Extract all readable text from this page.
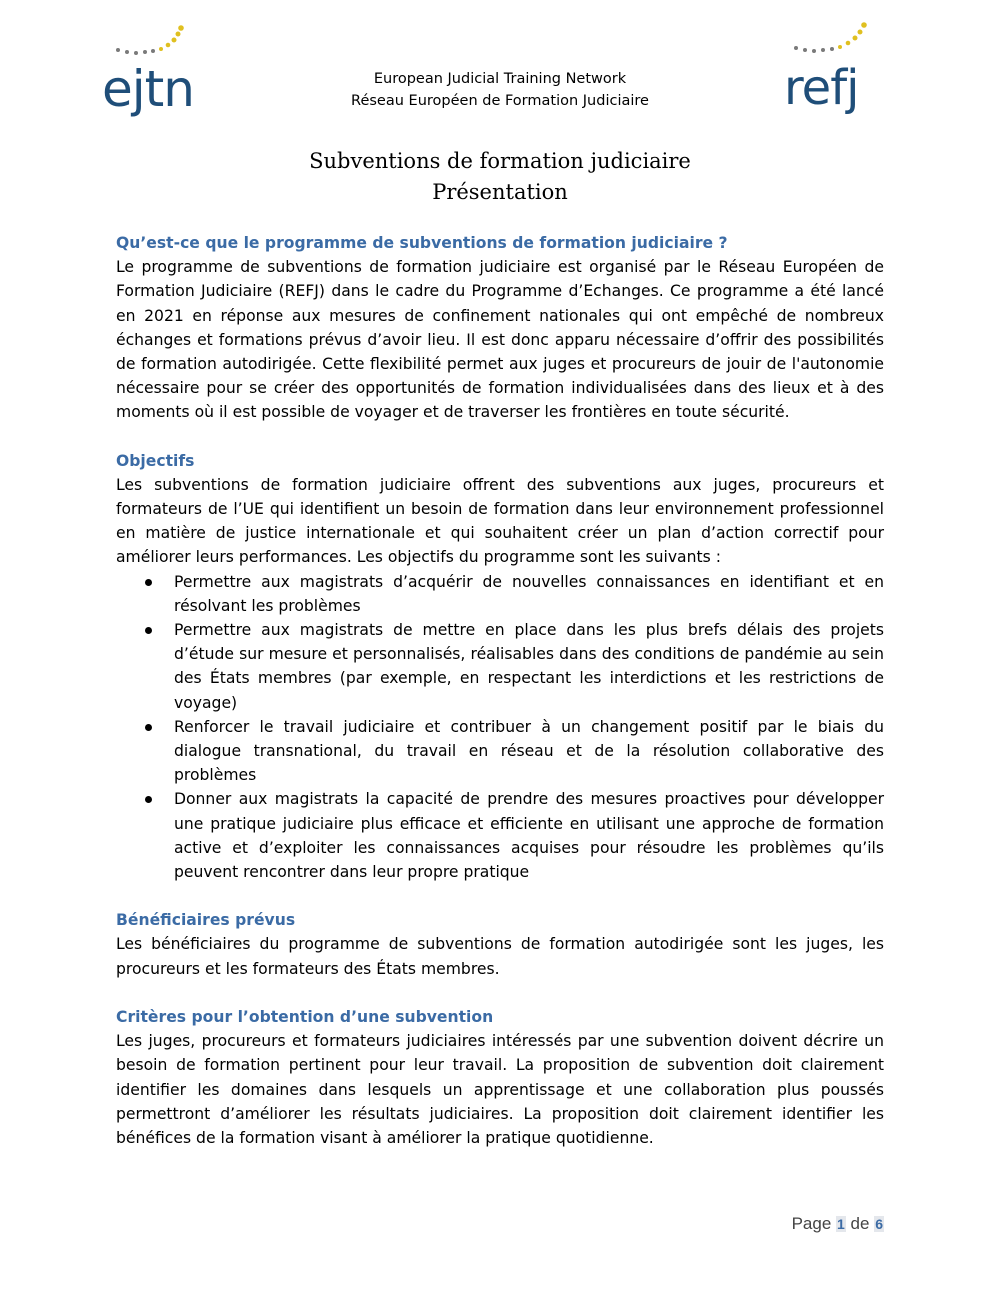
ejtn	refj
European Judicial Training Network
Réseau Européen de Formation Judiciaire
Subventions de formation judiciaire
Présentation

Qu’est-ce que le programme de subventions de formation judiciaire ?

Le programme de subventions de formation judiciaire est organisé par le Réseau Européen de Formation Judiciaire (REFJ) dans le cadre du Programme d’Echanges. Ce programme a été lancé en 2021 en réponse aux mesures de confinement nationales qui ont empêché de nombreux échanges et formations prévus d’avoir lieu. Il est donc apparu nécessaire d’offrir des possibilités de formation autodirigée. Cette flexibilité permet aux juges et procureurs de jouir de l'autonomie nécessaire pour se créer des opportunités de formation individualisées dans des lieux et à des moments où il est possible de voyager et de traverser les frontières en toute sécurité.

Objectifs

Les subventions de formation judiciaire offrent des subventions aux juges, procureurs et formateurs de l’UE qui identifient un besoin de formation dans leur environnement professionnel en matière de justice internationale et qui souhaitent créer un plan d’action correctif pour améliorer leurs performances. Les objectifs du programme sont les suivants :

Permettre aux magistrats d’acquérir de nouvelles connaissances en identifiant et en résolvant les problèmes
Permettre aux magistrats de mettre en place dans les plus brefs délais des projets d’étude sur mesure et personnalisés, réalisables dans des conditions de pandémie au sein des États membres (par exemple, en respectant les interdictions et les restrictions de voyage)
Renforcer le travail judiciaire et contribuer à un changement positif par le biais du dialogue transnational, du travail en réseau et de la résolution collaborative des problèmes
Donner aux magistrats la capacité de prendre des mesures proactives pour développer une pratique judiciaire plus efficace et efficiente en utilisant une approche de formation active et d’exploiter les connaissances acquises pour résoudre les problèmes qu’ils peuvent rencontrer dans leur propre pratique

Bénéficiaires prévus

Les bénéficiaires du programme de subventions de formation autodirigée sont les juges, les procureurs et les formateurs des États membres.

Critères pour l’obtention d’une subvention

Les juges, procureurs et formateurs judiciaires intéressés par une subvention doivent décrire un besoin de formation pertinent pour leur travail. La proposition de subvention doit clairement identifier les domaines dans lesquels un apprentissage et une collaboration plus poussés permettront d’améliorer les résultats judiciaires. La proposition doit clairement identifier les bénéfices de la formation visant à améliorer la pratique quotidienne.

Page 1 de 6
